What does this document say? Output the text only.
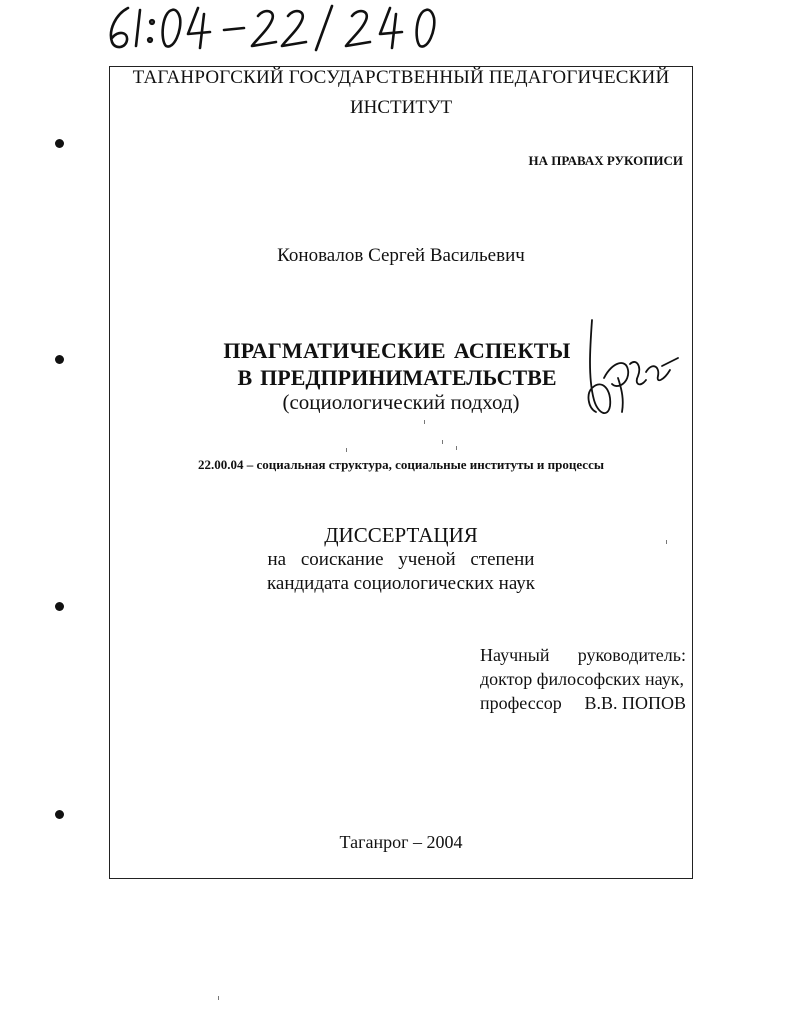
ТАГАНРОГСКИЙ ГОСУДАРСТВЕННЫЙ ПЕДАГОГИЧЕСКИЙ
ИНСТИТУТ
НА ПРАВАХ РУКОПИСИ
Коновалов Сергей Васильевич
ПРАГМАТИЧЕСКИЕ АСПЕКТЫ
В ПРЕДПРИНИМАТЕЛЬСТВЕ
(социологический подход)
22.00.04 – социальная структура, социальные институты и процессы
ДИССЕРТАЦИЯ
на соискание ученой степени
кандидата социологических наук
Научный руководитель:
доктор философских наук,
профессор В.В. ПОПОВ
Таганрог – 2004
